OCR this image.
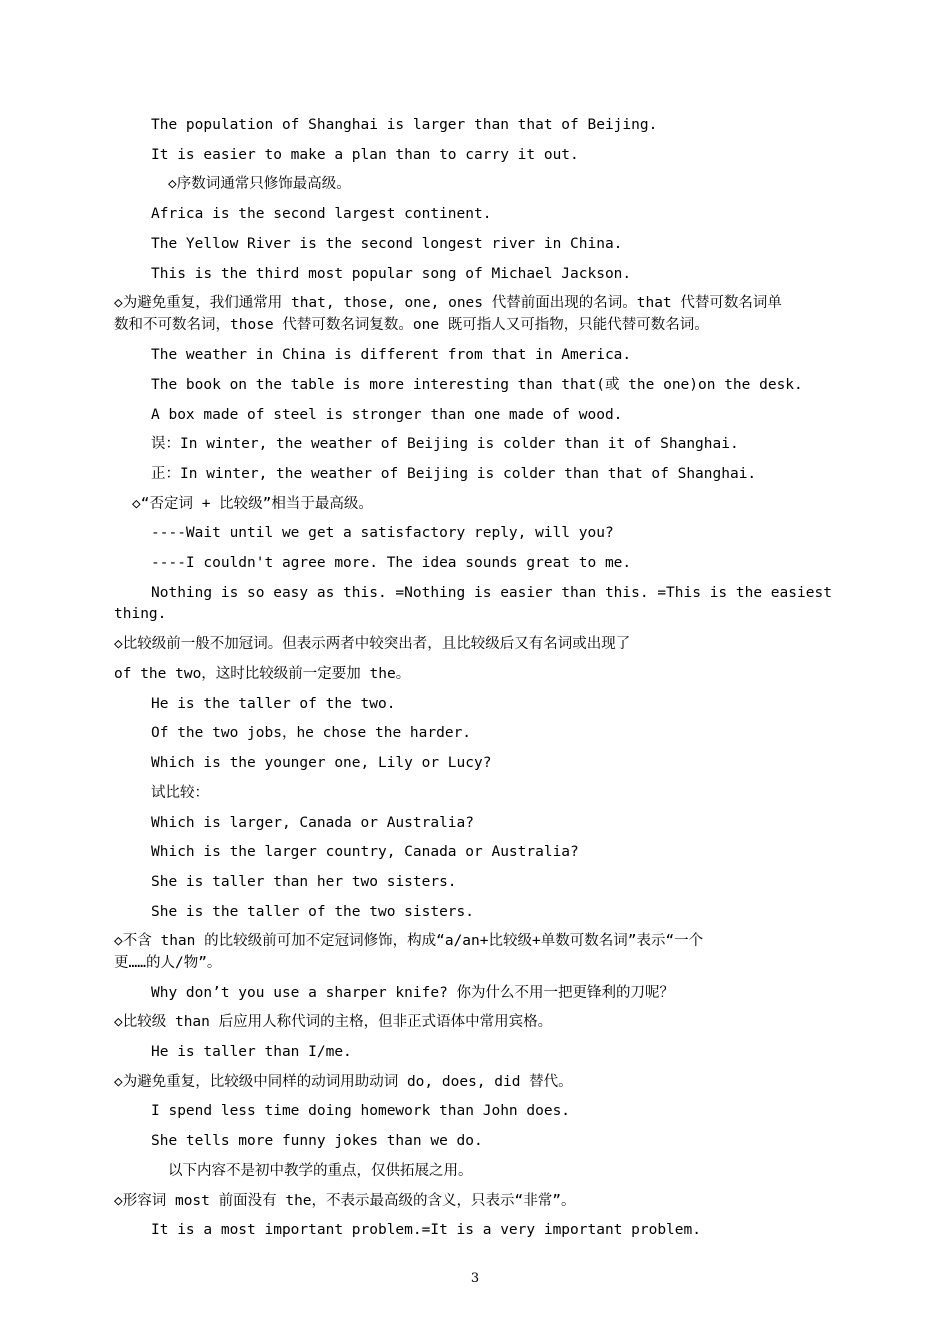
The population of Shanghai is larger than that of Beijing.
It is easier to make a plan than to carry it out.
◇序数词通常只修饰最高级。
Africa is the second largest continent.
The Yellow River is the second longest river in China.
This is the third most popular song of Michael Jackson.
◇为避免重复，我们通常用 that, those, one, ones 代替前面出现的名词。that 代替可数名词单
数和不可数名词，those 代替可数名词复数。one 既可指人又可指物，只能代替可数名词。
The weather in China is different from that in America.
The book on the table is more interesting than that(或 the one)on the desk.
A box made of steel is stronger than one made of wood.
误：In winter, the weather of Beijing is colder than it of Shanghai.
正：In winter, the weather of Beijing is colder than that of Shanghai.
◇“否定词 + 比较级”相当于最高级。
----Wait until we get a satisfactory reply, will you?
----I couldn't agree more. The idea sounds great to me.
Nothing is so easy as this. =Nothing is easier than this. =This is the easiest
thing.
◇比较级前一般不加冠词。但表示两者中较突出者，且比较级后又有名词或出现了
of the two，这时比较级前一定要加 the。
He is the taller of the two.
Of the two jobs，he chose the harder.
Which is the younger one, Lily or Lucy?
试比较：
Which is larger, Canada or Australia?
Which is the larger country, Canada or Australia?
She is taller than her two sisters.
She is the taller of the two sisters.
◇不含 than 的比较级前可加不定冠词修饰，构成“a/an+比较级+单数可数名词”表示“一个
更……的人/物”。
Why don’t you use a sharper knife? 你为什么不用一把更锋利的刀呢？
◇比较级 than 后应用人称代词的主格，但非正式语体中常用宾格。
He is taller than I/me.
◇为避免重复，比较级中同样的动词用助动词 do, does, did 替代。
I spend less time doing homework than John does.
She tells more funny jokes than we do.
以下内容不是初中教学的重点，仅供拓展之用。
◇形容词 most 前面没有 the，不表示最高级的含义，只表示“非常”。
It is a most important problem.=It is a very important problem.
3
